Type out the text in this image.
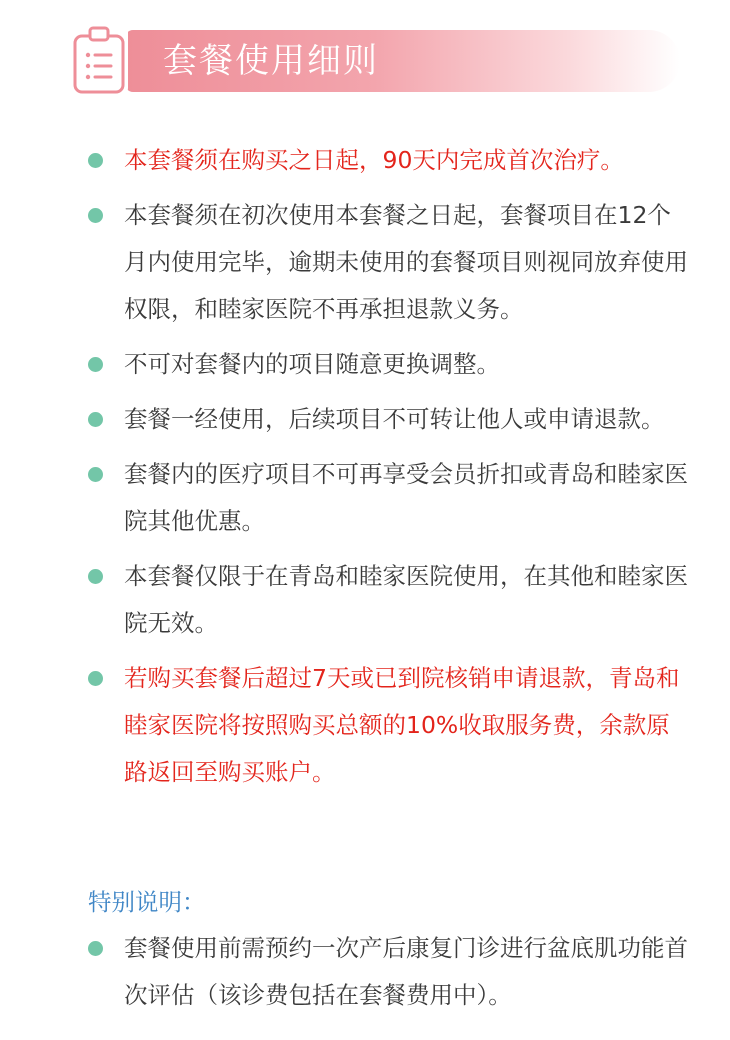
套餐使用细则
本套餐须在购买之日起，90天内完成首次治疗。
本套餐须在初次使用本套餐之日起，套餐项目在12个月内使用完毕，逾期未使用的套餐项目则视同放弃使用权限，和睦家医院不再承担退款义务。
不可对套餐内的项目随意更换调整。
套餐一经使用，后续项目不可转让他人或申请退款。
套餐内的医疗项目不可再享受会员折扣或青岛和睦家医院其他优惠。
本套餐仅限于在青岛和睦家医院使用，在其他和睦家医院无效。
若购买套餐后超过7天或已到院核销申请退款，青岛和睦家医院将按照购买总额的10%收取服务费，余款原路返回至购买账户。
特别说明：
套餐使用前需预约一次产后康复门诊进行盆底肌功能首次评估（该诊费包括在套餐费用中）。
